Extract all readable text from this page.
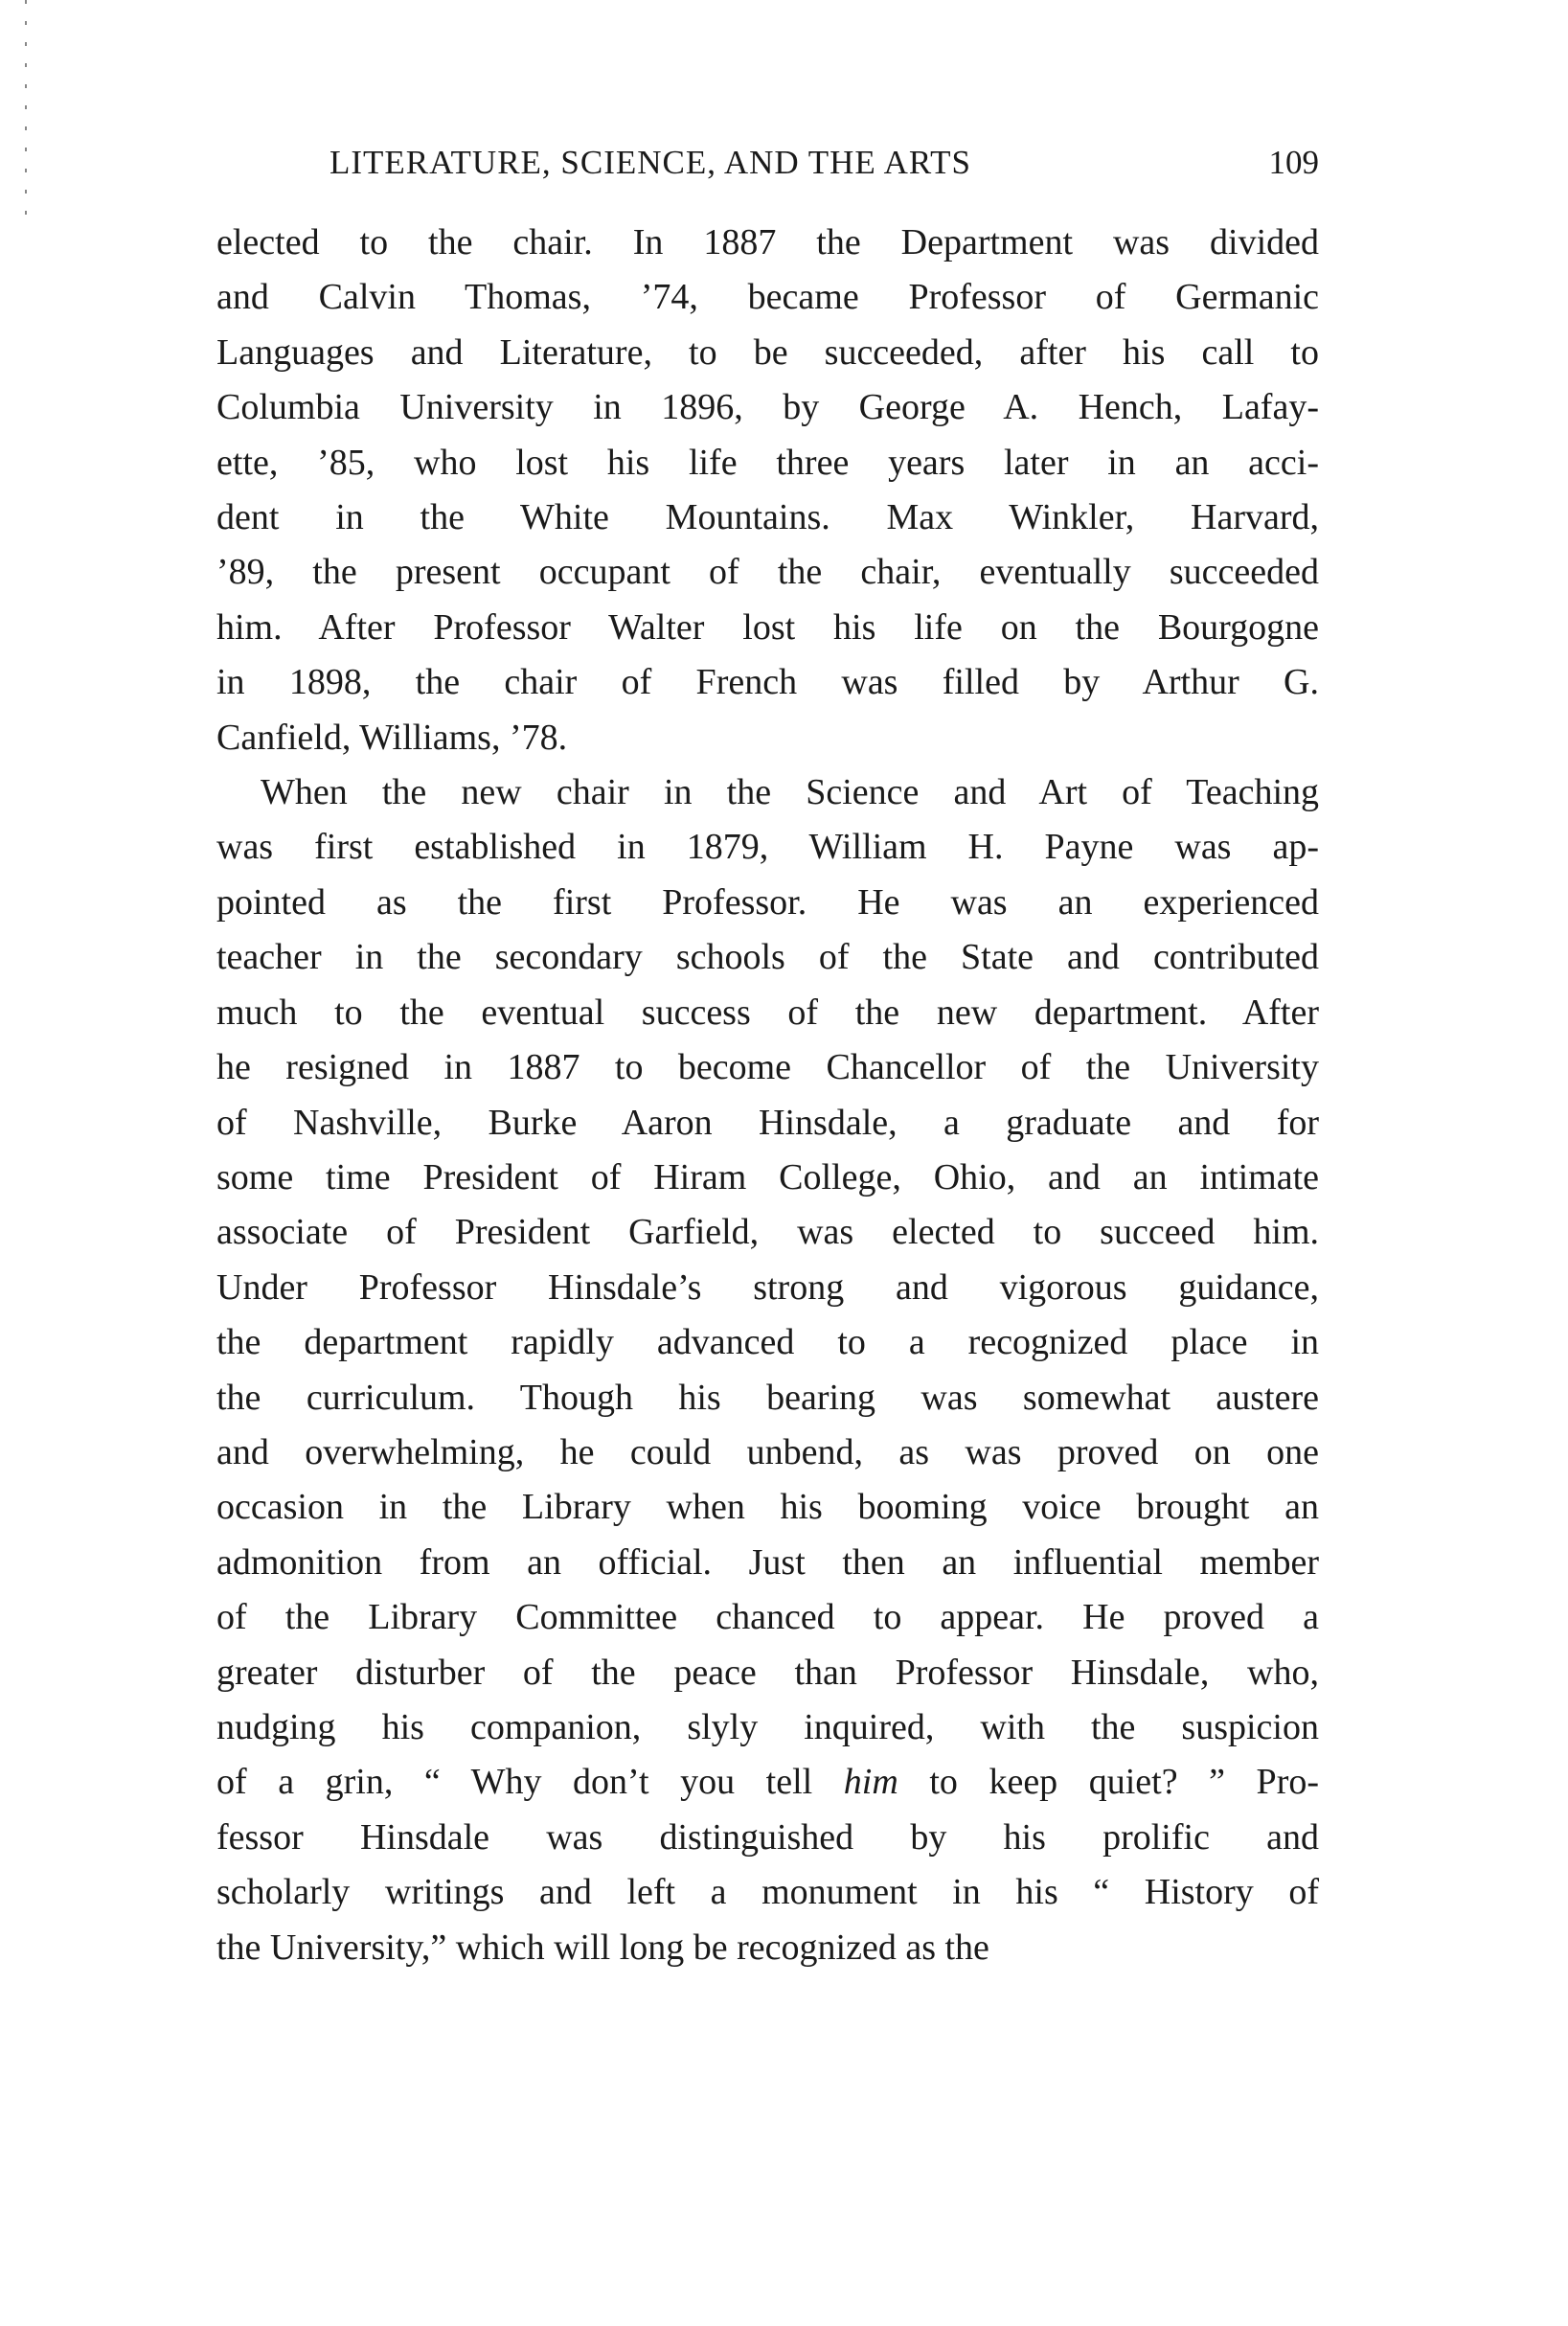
LITERATURE, SCIENCE, AND THE ARTS	109
elected to the chair. In 1887 the Department was divided
and Calvin Thomas, ’74, became Professor of Germanic
Languages and Literature, to be succeeded, after his call to
Columbia University in 1896, by George A. Hench, Lafay-
ette, ’85, who lost his life three years later in an acci-
dent in the White Mountains. Max Winkler, Harvard,
’89, the present occupant of the chair, eventually succeeded
him. After Professor Walter lost his life on the Bourgogne
in 1898, the chair of French was filled by Arthur G.
Canfield, Williams, ’78.
When the new chair in the Science and Art of Teaching
was first established in 1879, William H. Payne was ap-
pointed as the first Professor. He was an experienced
teacher in the secondary schools of the State and contributed
much to the eventual success of the new department. After
he resigned in 1887 to become Chancellor of the University
of Nashville, Burke Aaron Hinsdale, a graduate and for
some time President of Hiram College, Ohio, and an intimate
associate of President Garfield, was elected to succeed him.
Under Professor Hinsdale’s strong and vigorous guidance,
the department rapidly advanced to a recognized place in
the curriculum. Though his bearing was somewhat austere
and overwhelming, he could unbend, as was proved on one
occasion in the Library when his booming voice brought an
admonition from an official. Just then an influential member
of the Library Committee chanced to appear. He proved a
greater disturber of the peace than Professor Hinsdale, who,
nudging his companion, slyly inquired, with the suspicion
of a grin, “ Why don’t you tell him to keep quiet? ” Pro-
fessor Hinsdale was distinguished by his prolific and
scholarly writings and left a monument in his “ History of
the University,” which will long be recognized as the
